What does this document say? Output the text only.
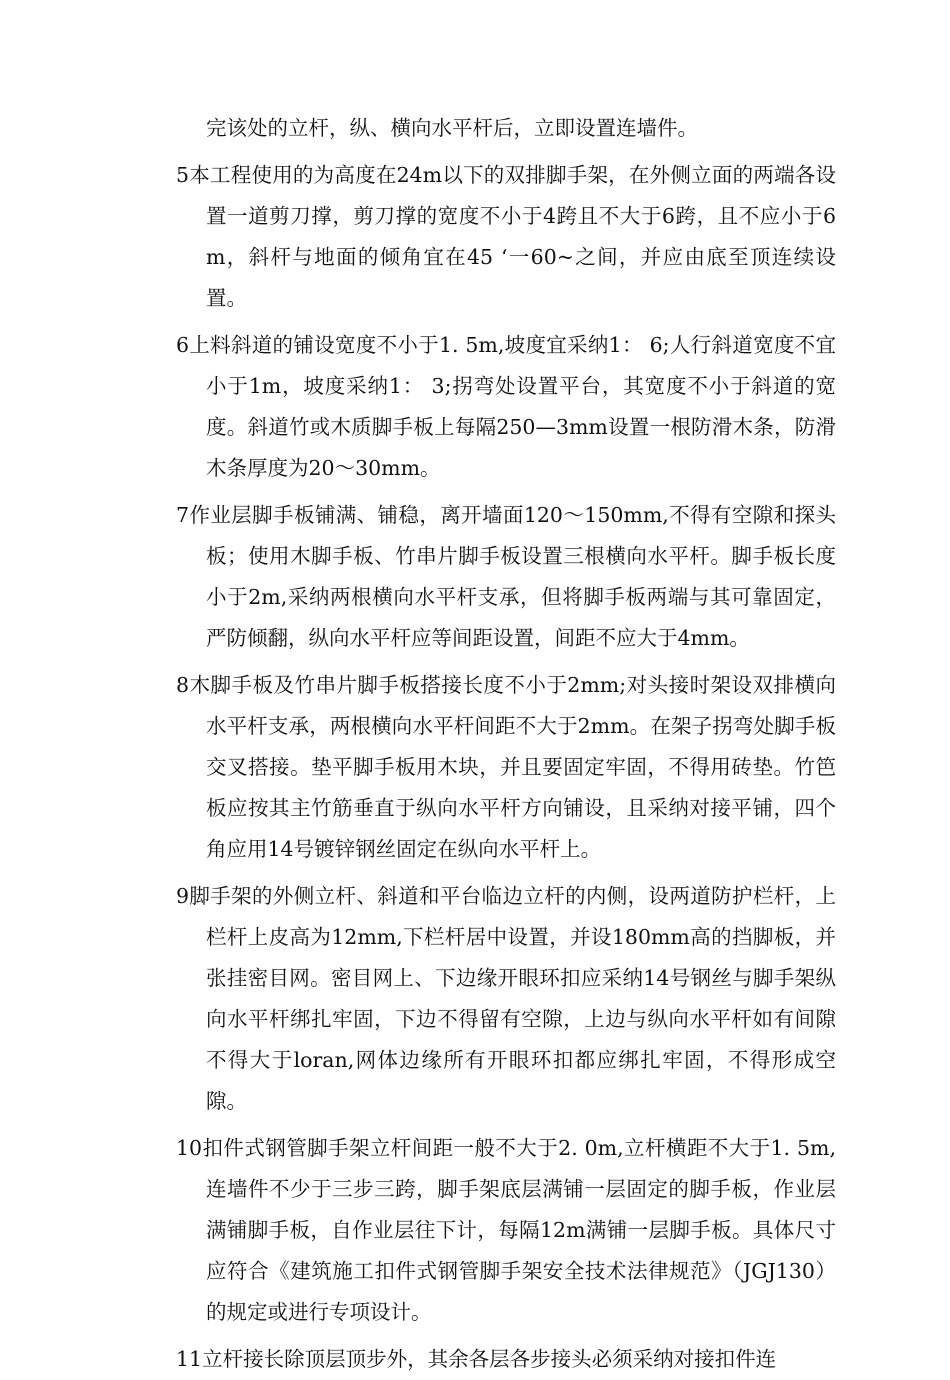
完该处的立杆，纵、横向水平杆后，立即设置连墙件。

5本工程使用的为高度在24m以下的双排脚手架，在外侧立面的两端各设置一道剪刀撑，剪刀撑的宽度不小于4跨且不大于6跨，且不应小于6m，斜杆与地面的倾角宜在45 ‘一60~之间，并应由底至顶连续设置。

6上料斜道的铺设宽度不小于1. 5m,坡度宜采纳1： 6;人行斜道宽度不宜小于1m，坡度采纳1： 3;拐弯处设置平台，其宽度不小于斜道的宽度。斜道竹或木质脚手板上每隔250—3mm设置一根防滑木条，防滑木条厚度为20〜30mm。

7作业层脚手板铺满、铺稳，离开墙面120〜150mm,不得有空隙和探头板；使用木脚手板、竹串片脚手板设置三根横向水平杆。脚手板长度小于2m,采纳两根横向水平杆支承，但将脚手板两端与其可靠固定，严防倾翻，纵向水平杆应等间距设置，间距不应大于4mm。

8木脚手板及竹串片脚手板搭接长度不小于2mm;对头接时架设双排横向水平杆支承，两根横向水平杆间距不大于2mm。在架子拐弯处脚手板交叉搭接。垫平脚手板用木块，并且要固定牢固，不得用砖垫。竹笆板应按其主竹筋垂直于纵向水平杆方向铺设，且采纳对接平铺，四个角应用14号镀锌钢丝固定在纵向水平杆上。

9脚手架的外侧立杆、斜道和平台临边立杆的内侧，设两道防护栏杆，上栏杆上皮高为12mm,下栏杆居中设置，并设180mm高的挡脚板，并张挂密目网。密目网上、下边缘开眼环扣应采纳14号钢丝与脚手架纵向水平杆绑扎牢固，下边不得留有空隙，上边与纵向水平杆如有间隙不得大于loran,网体边缘所有开眼环扣都应绑扎牢固，不得形成空隙。

10扣件式钢管脚手架立杆间距一般不大于2. 0m,立杆横距不大于1. 5m,连墙件不少于三步三跨，脚手架底层满铺一层固定的脚手板，作业层满铺脚手板，自作业层往下计，每隔12m满铺一层脚手板。具体尺寸应符合《建筑施工扣件式钢管脚手架安全技术法律规范》（JGJ130）的规定或进行专项设计。

11立杆接长除顶层顶步外，其余各层各步接头必须采纳对接扣件连
